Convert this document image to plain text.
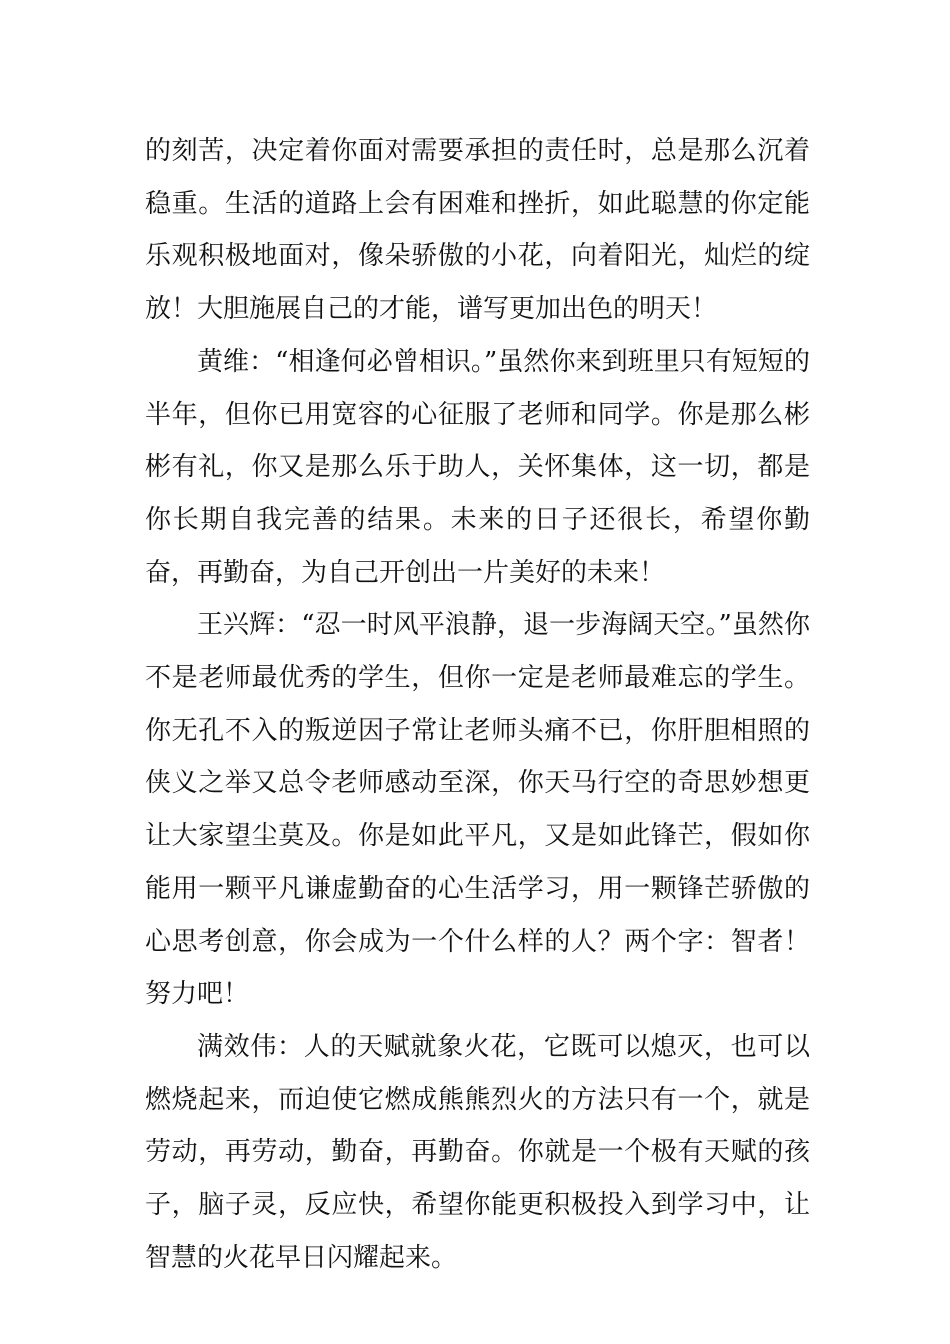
的刻苦，决定着你面对需要承担的责任时，总是那么沉着稳重。生活的道路上会有困难和挫折，如此聪慧的你定能乐观积极地面对，像朵骄傲的小花，向着阳光，灿烂的绽放！大胆施展自己的才能，谱写更加出色的明天！

黄维：“相逢何必曾相识。”虽然你来到班里只有短短的半年，但你已用宽容的心征服了老师和同学。你是那么彬彬有礼，你又是那么乐于助人，关怀集体，这一切，都是你长期自我完善的结果。未来的日子还很长，希望你勤奋，再勤奋，为自己开创出一片美好的未来！

王兴辉：“忍一时风平浪静，退一步海阔天空。”虽然你不是老师最优秀的学生，但你一定是老师最难忘的学生。你无孔不入的叛逆因子常让老师头痛不已，你肝胆相照的侠义之举又总令老师感动至深，你天马行空的奇思妙想更让大家望尘莫及。你是如此平凡，又是如此锋芒，假如你能用一颗平凡谦虚勤奋的心生活学习，用一颗锋芒骄傲的心思考创意，你会成为一个什么样的人？两个字：智者！努力吧！

满效伟：人的天赋就象火花，它既可以熄灭，也可以燃烧起来，而迫使它燃成熊熊烈火的方法只有一个，就是劳动，再劳动，勤奋，再勤奋。你就是一个极有天赋的孩子，脑子灵，反应快，希望你能更积极投入到学习中，让智慧的火花早日闪耀起来。
